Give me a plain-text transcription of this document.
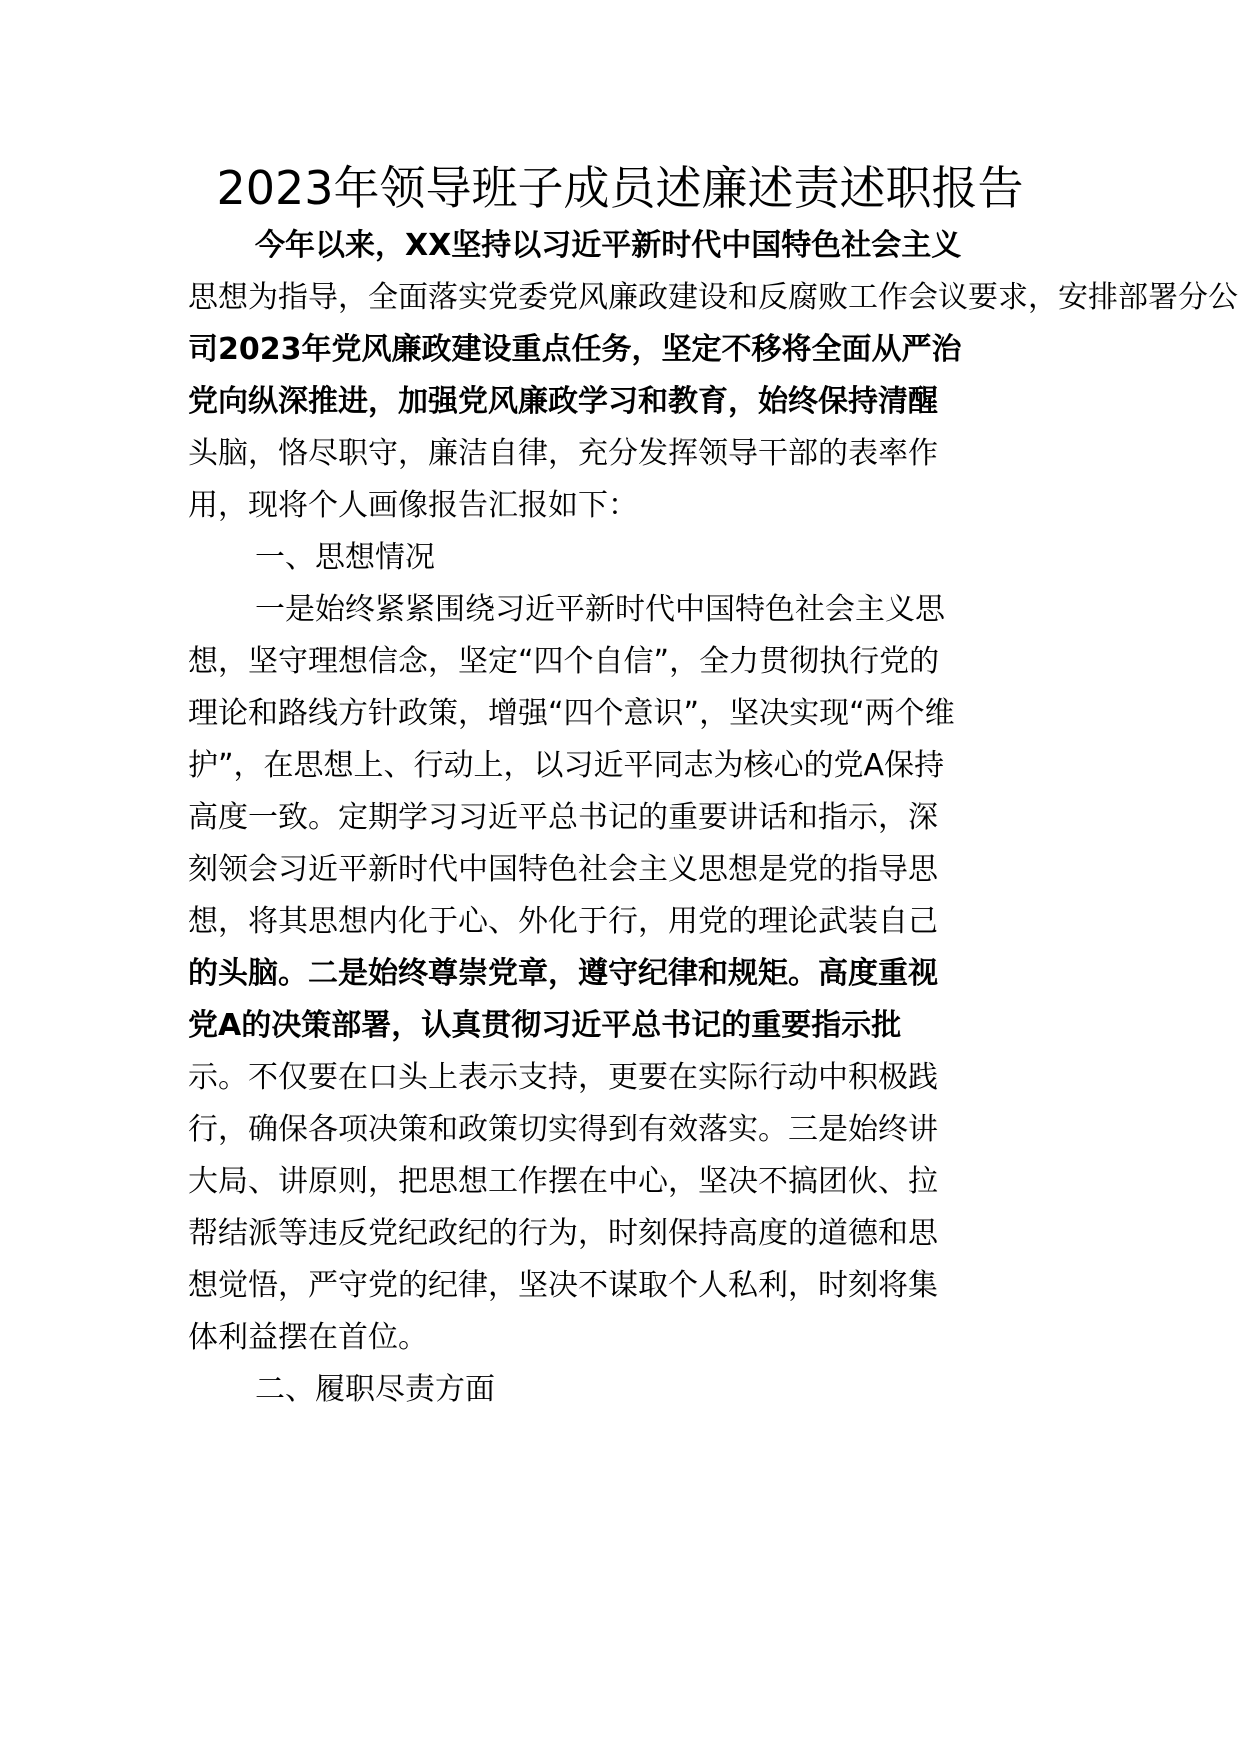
2023年领导班子成员述廉述责述职报告
今年以来，XX坚持以习近平新时代中国特色社会主义
思想为指导，全面落实党委党风廉政建设和反腐败工作会议要求，安排部署分公
司2023年党风廉政建设重点任务，坚定不移将全面从严治
党向纵深推进，加强党风廉政学习和教育，始终保持清醒
头脑，恪尽职守，廉洁自律，充分发挥领导干部的表率作
用，现将个人画像报告汇报如下：
一、思想情况
一是始终紧紧围绕习近平新时代中国特色社会主义思
想，坚守理想信念，坚定“四个自信”，全力贯彻执行党的
理论和路线方针政策，增强“四个意识”，坚决实现“两个维
护”，在思想上、行动上，以习近平同志为核心的党A保持
高度一致。定期学习习近平总书记的重要讲话和指示，深
刻领会习近平新时代中国特色社会主义思想是党的指导思
想，将其思想内化于心、外化于行，用党的理论武装自己
的头脑。二是始终尊崇党章，遵守纪律和规矩。高度重视
党A的决策部署，认真贯彻习近平总书记的重要指示批
示。不仅要在口头上表示支持，更要在实际行动中积极践
行，确保各项决策和政策切实得到有效落实。三是始终讲
大局、讲原则，把思想工作摆在中心，坚决不搞团伙、拉
帮结派等违反党纪政纪的行为，时刻保持高度的道德和思
想觉悟，严守党的纪律，坚决不谋取个人私利，时刻将集
体利益摆在首位。
二、履职尽责方面
